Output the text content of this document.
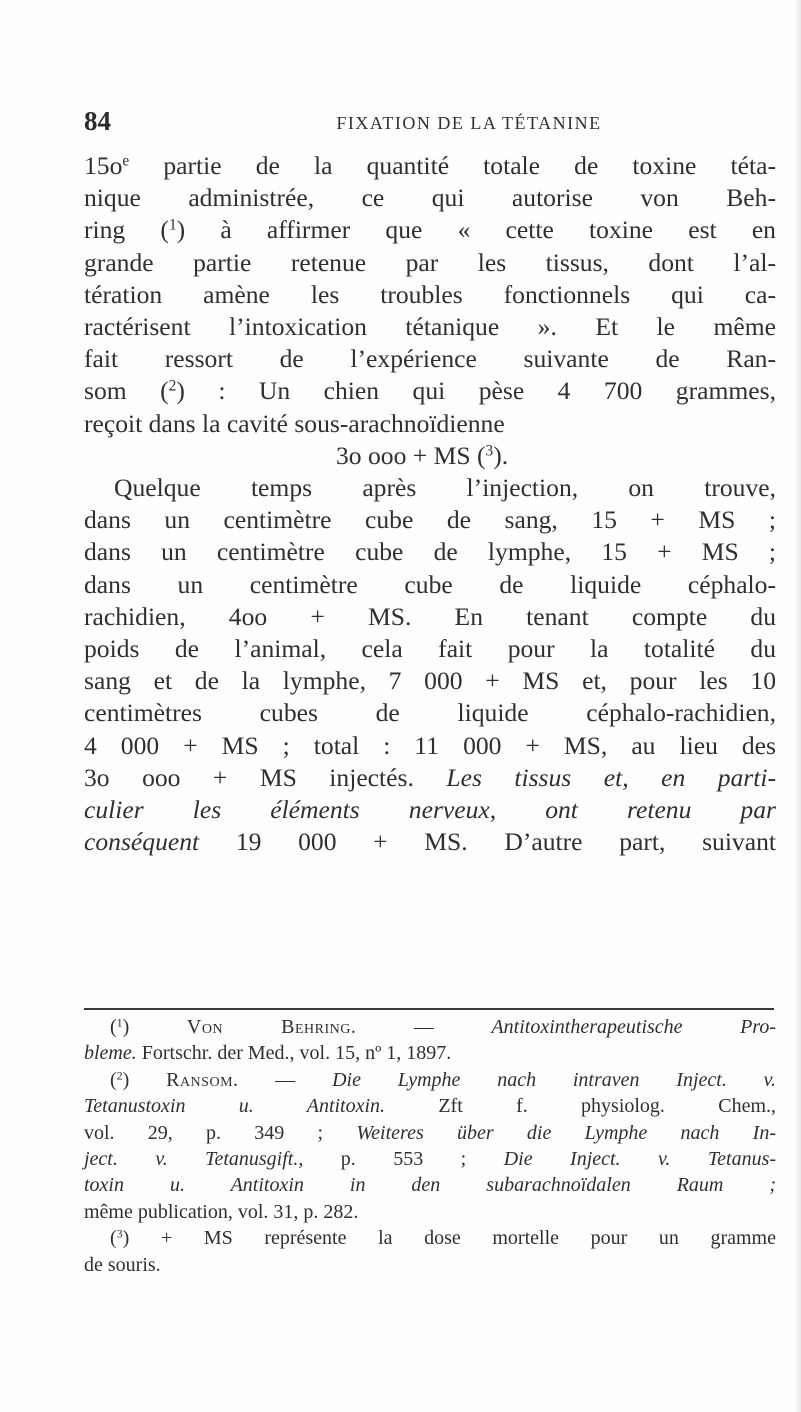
84	FIXATION DE LA TÉTANINE
$15o^e$ partie de la quantité totale de toxine téta-
nique administrée, ce qui autorise von Beh-
ring ($^1$) à affirmer que « cette toxine est en
grande partie retenue par les tissus, dont l’al-
tération amène les troubles fonctionnels qui ca-
ractérisent l’intoxication tétanique ». Et le même
fait ressort de l’expérience suivante de Ran-
som ($^2$) : Un chien qui pèse 4 700 grammes,
reçoit dans la cavité sous-arachnoïdienne
3o ooo + MS ($^3$).
Quelque temps après l’injection, on trouve,
dans un centimètre cube de sang, 15 + MS ;
dans un centimètre cube de lymphe, 15 + MS ;
dans un centimètre cube de liquide céphalo-
rachidien, 4oo + MS. En tenant compte du
poids de l’animal, cela fait pour la totalité du
sang et de la lymphe, 7 000 + MS et, pour les 10
centimètres cubes de liquide céphalo-rachidien,
4 000 + MS ; total : 11 000 + MS, au lieu des
3o ooo + MS injectés. Les tissus et, en parti-
culier les éléments nerveux, ont retenu par
conséquent 19 000 + MS. D’autre part, suivant
($^1$) Von Behring. — Antitoxintherapeutische Pro-
bleme. Fortschr. der Med., vol. 15, nº 1, 1897.
($^2$) Ransom. — Die Lymphe nach intraven Inject. v.
Tetanustoxin u. Antitoxin. Zft f. physiolog. Chem.,
vol. 29, p. 349 ; Weiteres über die Lymphe nach In-
ject. v. Tetanusgift., p. 553 ; Die Inject. v. Tetanus-
toxin u. Antitoxin in den subarachnoïdalen Raum ;
même publication, vol. 31, p. 282.
($^3$) + MS représente la dose mortelle pour un gramme
de souris.
